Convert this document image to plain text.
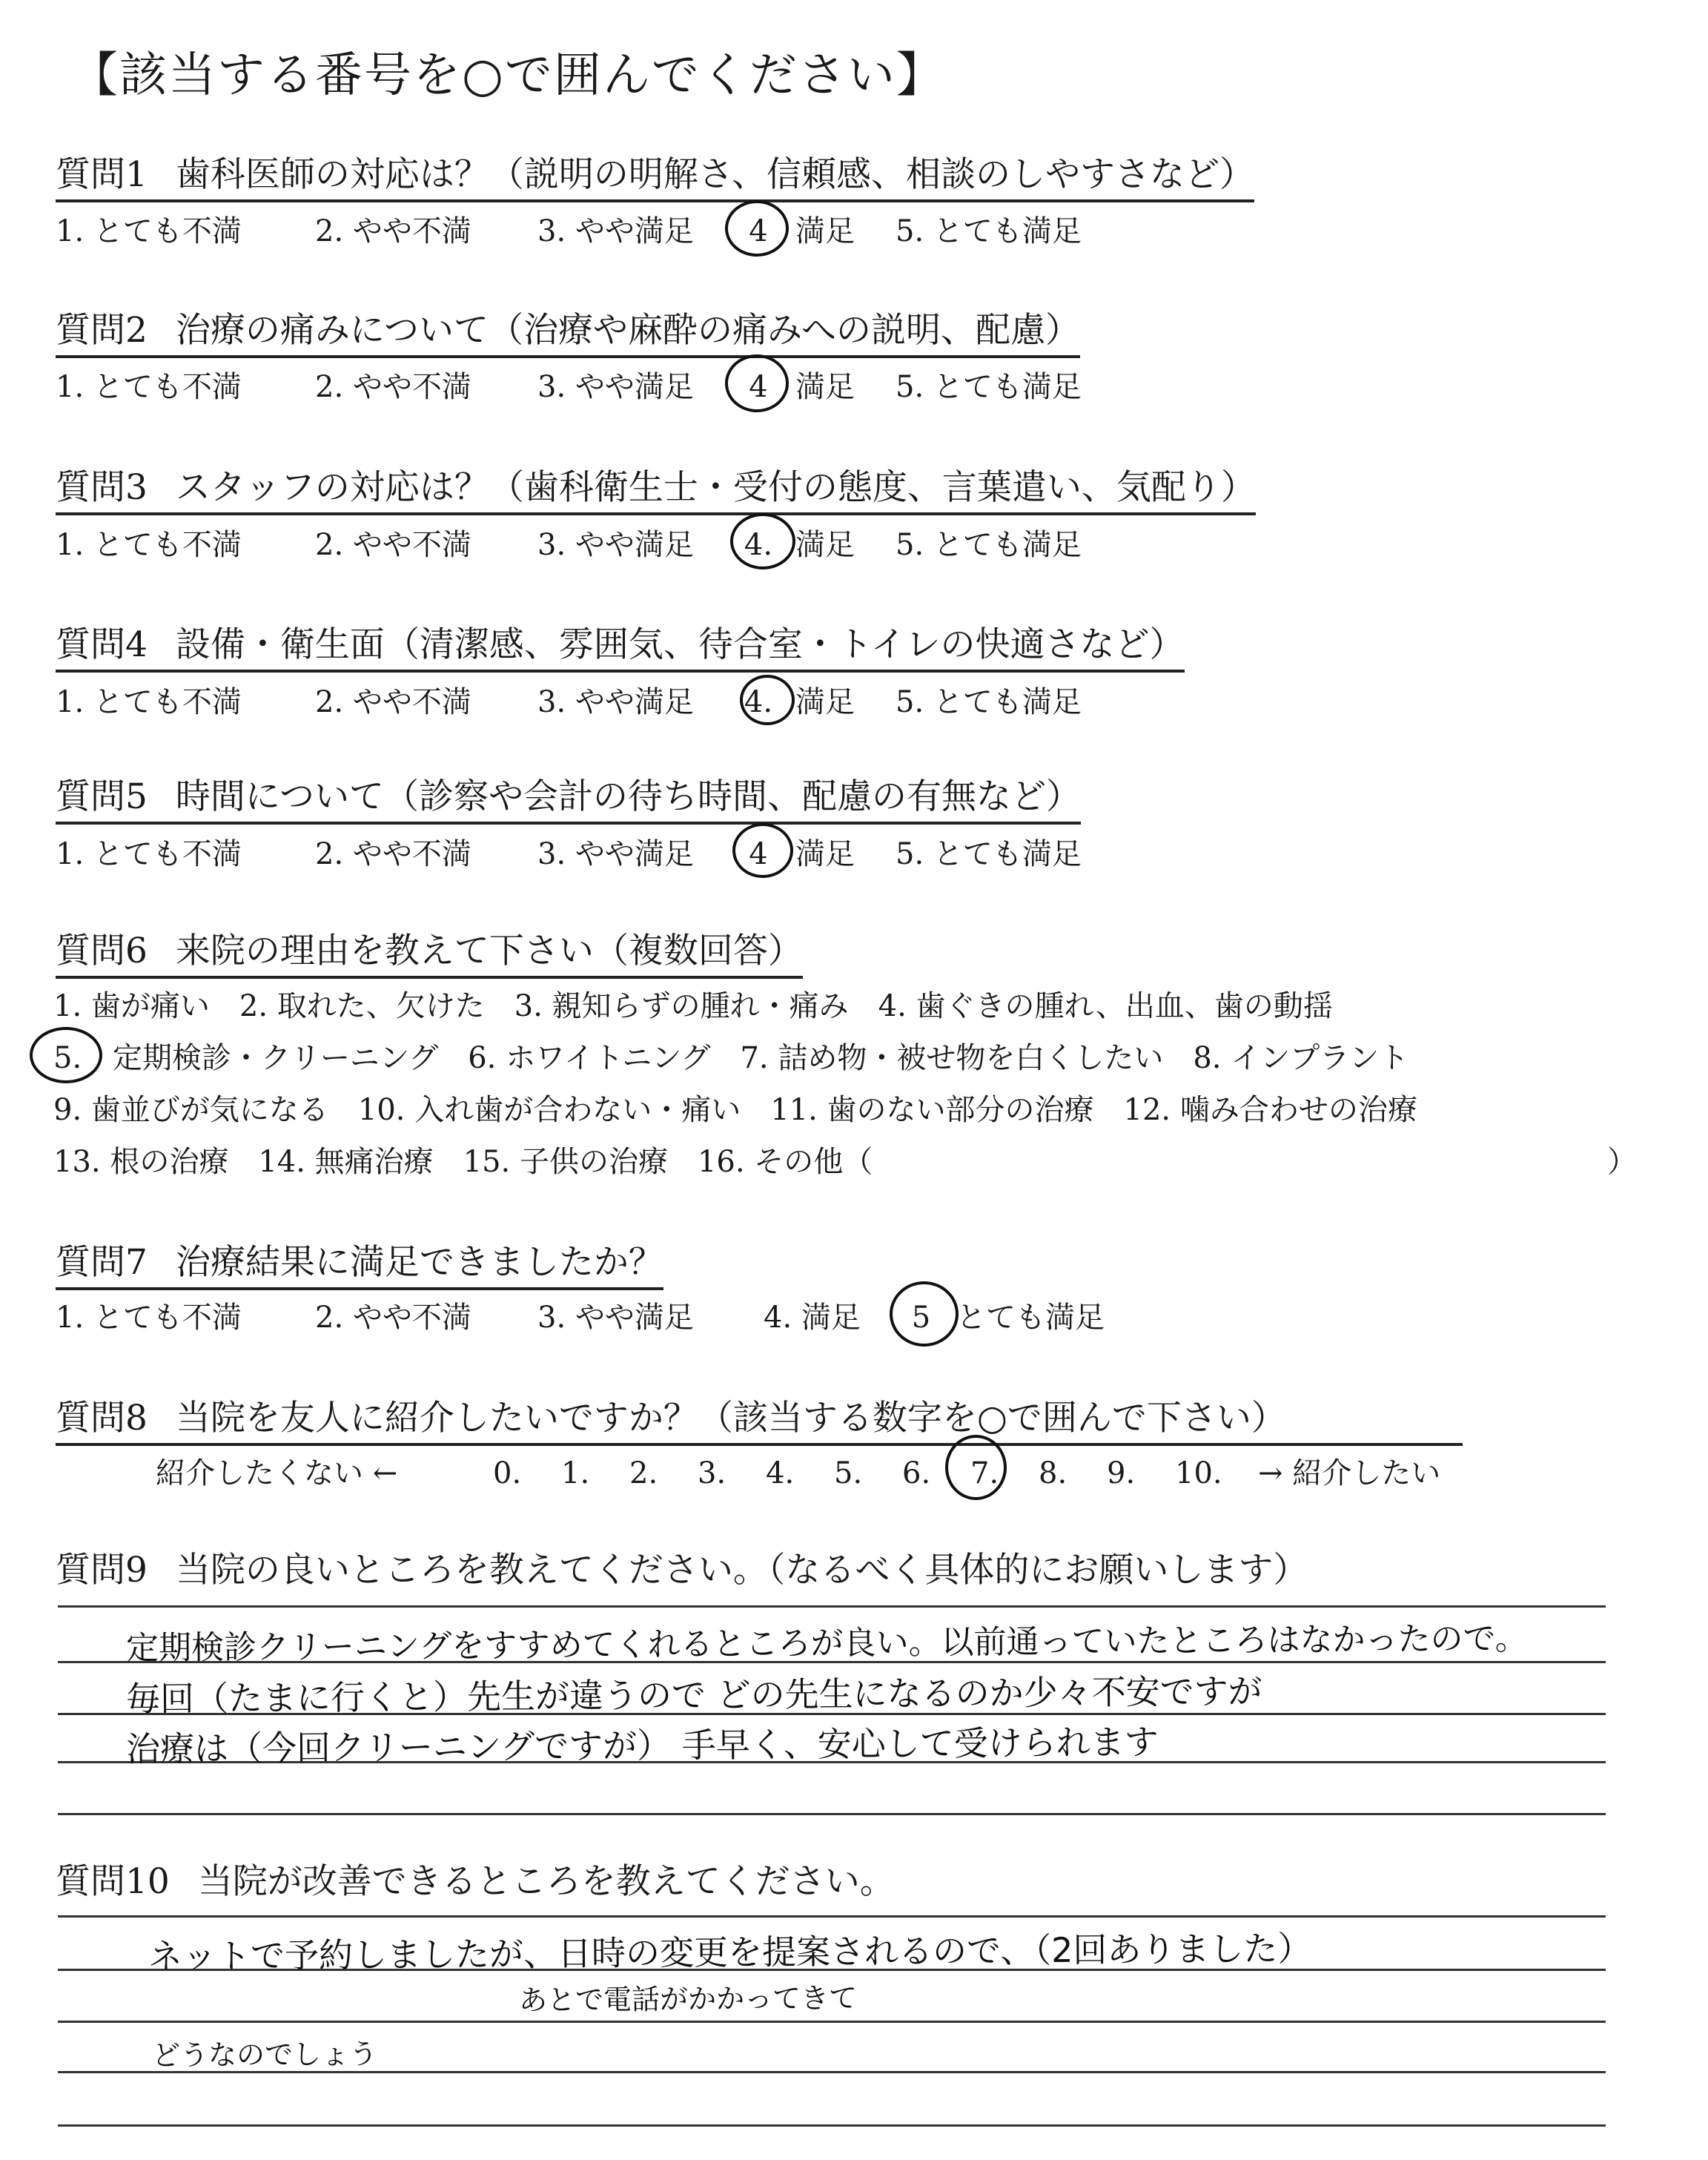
【該当する番号を○で囲んでください】
質問1 歯科医師の対応は？（説明の明解さ、信頼感、相談のしやすさなど）
1. とても不満 2. やや不満 3. やや満足 4 満足 5. とても満足
質問2 治療の痛みについて（治療や麻酔の痛みへの説明、配慮）
1. とても不満 2. やや不満 3. やや満足 4 満足 5. とても満足
質問3 スタッフの対応は？（歯科衛生士・受付の態度、言葉遣い、気配り）
1. とても不満 2. やや不満 3. やや満足 4. 満足 5. とても満足
質問4 設備・衛生面（清潔感、雰囲気、待合室・トイレの快適さなど）
1. とても不満 2. やや不満 3. やや満足 4. 満足 5. とても満足
質問5 時間について（診察や会計の待ち時間、配慮の有無など）
1. とても不満 2. やや不満 3. やや満足 4 満足 5. とても満足
質問6 来院の理由を教えて下さい（複数回答）
1. 歯が痛い　2. 取れた、欠けた　3. 親知らずの腫れ・痛み　4. 歯ぐきの腫れ、出血、歯の動揺
5. 定期検診・クリーニング　6. ホワイトニング　7. 詰め物・被せ物を白くしたい　8. インプラント
9. 歯並びが気になる　10. 入れ歯が合わない・痛い　11. 歯のない部分の治療　12. 噛み合わせの治療
13. 根の治療　14. 無痛治療　15. 子供の治療　16. その他（	）
質問7 治療結果に満足できましたか？
1. とても不満 2. やや不満 3. やや満足 4. 満足 5 とても満足
質問8 当院を友人に紹介したいですか？（該当する数字を○で囲んで下さい）
紹介したくない ←	0. 1. 2. 3. 4. 5. 6. 7. 8. 9. 10. → 紹介したい
質問9 当院の良いところを教えてください。（なるべく具体的にお願いします）
定期検診クリーニングをすすめてくれるところが良い。以前通っていたところはなかったので。
毎回（たまに行くと）先生が違うので どの先生になるのか少々不安ですが
治療は（今回クリーニングですが） 手早く、安心して受けられます
質問10 当院が改善できるところを教えてください。
ネットで予約しましたが、日時の変更を提案されるので、（2回ありました）
あとで電話がかかってきて
どうなのでしょう
